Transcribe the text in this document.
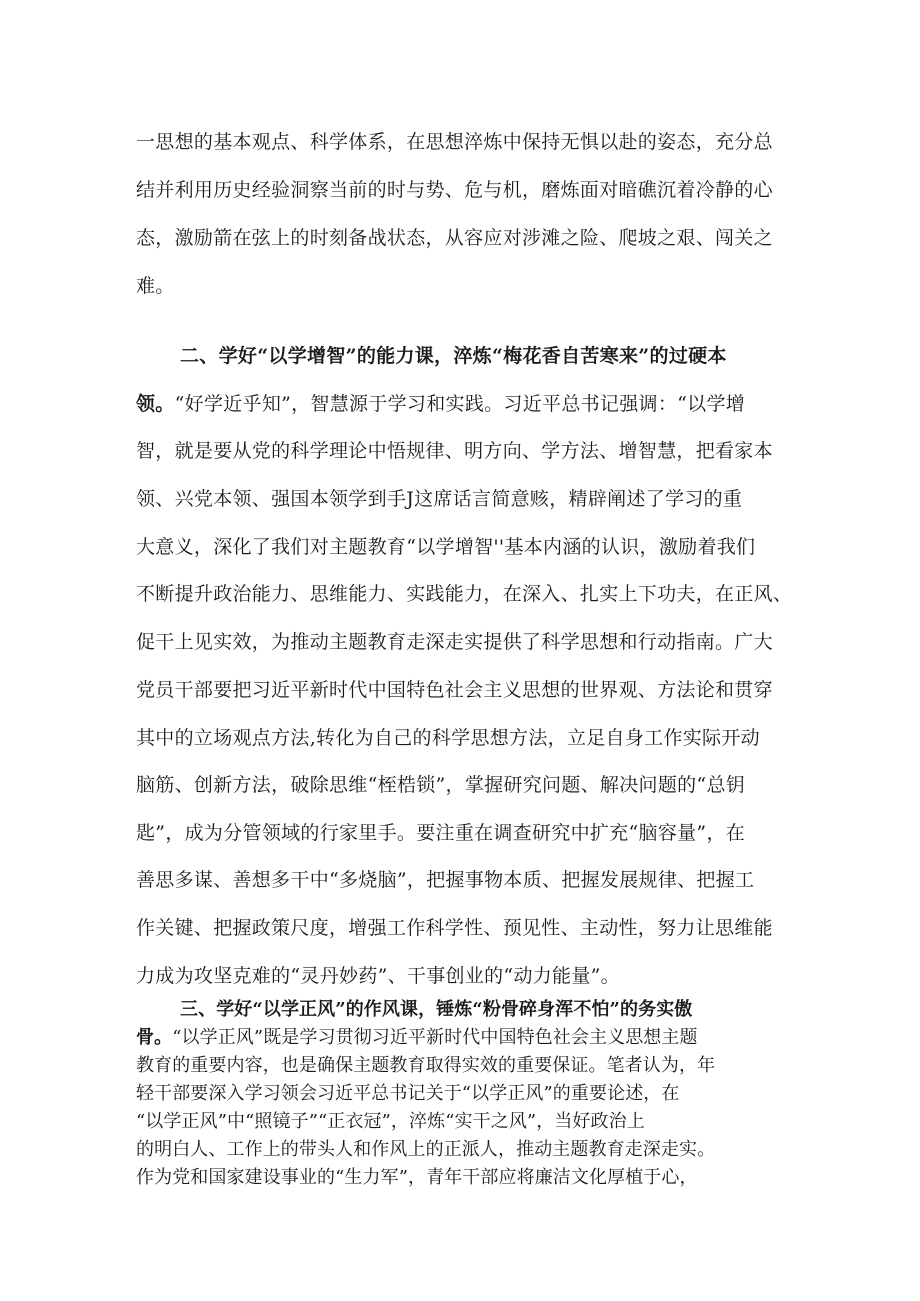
一思想的基本观点、科学体系，在思想淬炼中保持无惧以赴的姿态，充分总
结并利用历史经验洞察当前的时与势、危与机，磨炼面对暗礁沉着冷静的心
态，激励箭在弦上的时刻备战状态，从容应对涉滩之险、爬坡之艰、闯关之
难。
二、学好“以学增智”的能力课，淬炼“梅花香自苦寒来”的过硬本
领。“好学近乎知”，智慧源于学习和实践。习近平总书记强调：“以学增
智，就是要从党的科学理论中悟规律、明方向、学方法、增智慧，把看家本
领、兴党本领、强国本领学到手J这席话言简意赅，精辟阐述了学习的重
大意义，深化了我们对主题教育“以学增智''基本内涵的认识，激励着我们
不断提升政治能力、思维能力、实践能力，在深入、扎实上下功夫，在正风、
促干上见实效，为推动主题教育走深走实提供了科学思想和行动指南。广大
党员干部要把习近平新时代中国特色社会主义思想的世界观、方法论和贯穿
其中的立场观点方法,转化为自己的科学思想方法，立足自身工作实际开动
脑筋、创新方法，破除思维“桎梏锁”，掌握研究问题、解决问题的“总钥
匙”，成为分管领域的行家里手。要注重在调查研究中扩充“脑容量”，在
善思多谋、善想多干中“多烧脑”，把握事物本质、把握发展规律、把握工
作关键、把握政策尺度，增强工作科学性、预见性、主动性，努力让思维能
力成为攻坚克难的“灵丹妙药”、干事创业的“动力能量”。
三、学好“以学正风”的作风课，锤炼“粉骨碎身浑不怕”的务实傲
骨。“以学正风”既是学习贯彻习近平新时代中国特色社会主义思想主题
教育的重要内容，也是确保主题教育取得实效的重要保证。笔者认为，年
轻干部要深入学习领会习近平总书记关于“以学正风”的重要论述，在
“以学正风”中“照镜子”“正衣冠”，淬炼“实干之风”，当好政治上
的明白人、工作上的带头人和作风上的正派人，推动主题教育走深走实。
作为党和国家建设事业的“生力军”，青年干部应将廉洁文化厚植于心，
